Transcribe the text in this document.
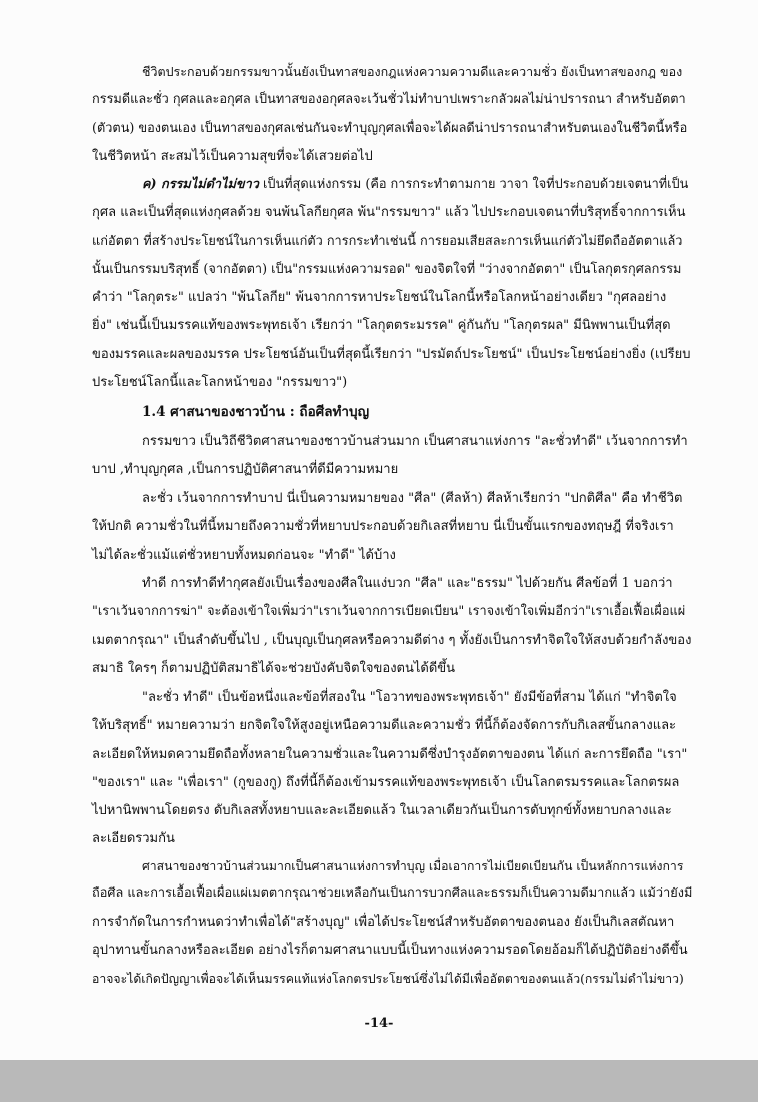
ชีวิตประกอบด้วยกรรมขาวนั้นยังเป็นทาสของกฎแห่งความความดีและความชั่ว ยังเป็นทาสของกฎ ของ
กรรมดีและชั่ว กุศลและอกุศล เป็นทาสของอกุศลจะเว้นชั่วไม่ทำบาปเพราะกลัวผลไม่น่าปรารถนา สำหรับอัตตา
(ตัวตน) ของตนเอง เป็นทาสของกุศลเช่นกันจะทำบุญกุศลเพื่อจะได้ผลดีน่าปรารถนาสำหรับตนเองในชีวิตนี้หรือ
ในชีวิตหน้า สะสมไว้เป็นความสุขที่จะได้เสวยต่อไป
ค) กรรมไม่ดำไม่ขาว เป็นที่สุดแห่งกรรม (คือ การกระทำตามกาย วาจา ใจที่ประกอบด้วยเจตนาที่เป็น
กุศล และเป็นที่สุดแห่งกุศลด้วย จนพ้นโลกียกุศล พ้น"กรรมขาว" แล้ว ไปประกอบเจตนาที่บริสุทธิ์จากการเห็น
แก่อัตตา ที่สร้างประโยชน์ในการเห็นแก่ตัว การกระทำเช่นนี้ การยอมเสียสละการเห็นแก่ตัวไม่ยึดถืออัตตาแล้ว
นั้นเป็นกรรมบริสุทธิ์ (จากอัตตา) เป็น"กรรมแห่งความรอด" ของจิตใจที่ "ว่างจากอัตตา" เป็นโลกุตรกุศลกรรม
คำว่า "โลกุตระ" แปลว่า "พ้นโลกีย" พ้นจากการหาประโยชน์ในโลกนี้หรือโลกหน้าอย่างเดียว "กุศลอย่าง
ยิ่ง" เช่นนี้เป็นมรรคแท้ของพระพุทธเจ้า เรียกว่า "โลกุตตระมรรค" คู่กันกับ "โลกุตรผล" มีนิพพานเป็นที่สุด
ของมรรคและผลของมรรค ประโยชน์อันเป็นที่สุดนี้เรียกว่า "ปรมัตถ์ประโยชน์" เป็นประโยชน์อย่างยิ่ง (เปรียบ
ประโยชน์โลกนี้และโลกหน้าของ "กรรมขาว")

1.4 ศาสนาของชาวบ้าน : ถือศีลทำบุญ

กรรมขาว เป็นวิถีชีวิตศาสนาของชาวบ้านส่วนมาก เป็นศาสนาแห่งการ "ละชั่วทำดี" เว้นจากการทำ
บาป ,ทำบุญกุศล ,เป็นการปฏิบัติศาสนาที่ดีมีความหมาย
ละชั่ว เว้นจากการทำบาป นี่เป็นความหมายของ "ศีล" (ศีลห้า) ศีลห้าเรียกว่า "ปกติศีล" คือ ทำชีวิต
ให้ปกติ ความชั่วในที่นี้หมายถึงความชั่วที่หยาบประกอบด้วยกิเลสที่หยาบ นี่เป็นขั้นแรกของทฤษฎี ที่จริงเรา
ไม่ได้ละชั่วแม้แต่ชั่วหยาบทั้งหมดก่อนจะ "ทำดี" ได้บ้าง
ทำดี การทำดีทำกุศลยังเป็นเรื่องของศีลในแง่บวก "ศีล" และ"ธรรม" ไปด้วยกัน ศีลข้อที่ 1 บอกว่า
"เราเว้นจากการฆ่า" จะต้องเข้าใจเพิ่มว่า"เราเว้นจากการเบียดเบียน" เราจงเข้าใจเพิ่มอีกว่า"เราเอื้อเฟื้อเผื่อแผ่
เมตตากรุณา" เป็นลำดับขึ้นไป , เป็นบุญเป็นกุศลหรือความดีต่าง ๆ ทั้งยังเป็นการทำจิตใจให้สงบด้วยกำลังของ
สมาธิ ใครๆ ก็ตามปฏิบัติสมาธิได้จะช่วยบังคับจิตใจของตนได้ดีขึ้น
"ละชั่ว ทำดี" เป็นข้อหนึ่งและข้อที่สองใน "โอวาทของพระพุทธเจ้า" ยังมีข้อที่สาม ได้แก่ "ทำจิตใจ
ให้บริสุทธิ์" หมายความว่า ยกจิตใจให้สูงอยู่เหนือความดีและความชั่ว ที่นี้ก็ต้องจัดการกับกิเลสขั้นกลางและ
ละเอียดให้หมดความยึดถือทั้งหลายในความชั่วและในความดีซึ่งบำรุงอัตตาของตน ได้แก่ ละการยึดถือ "เรา"
"ของเรา" และ "เพื่อเรา" (กูของกู) ถึงที่นี้ก็ต้องเข้ามรรคแท้ของพระพุทธเจ้า เป็นโลกตรมรรคและโลกตรผล
ไปหานิพพานโดยตรง ดับกิเลสทั้งหยาบและละเอียดแล้ว ในเวลาเดียวกันเป็นการดับทุกข์ทั้งหยาบกลางและ
ละเอียดรวมกัน
ศาสนาของชาวบ้านส่วนมากเป็นศาสนาแห่งการทำบุญ เมื่อเอาการไม่เบียดเบียนกัน เป็นหลักการแห่งการ
ถือศีล และการเอื้อเฟื้อเผื่อแผ่เมตตากรุณาช่วยเหลือกันเป็นการบวกศีลและธรรมก็เป็นความดีมากแล้ว แม้ว่ายังมี
การจำกัดในการกำหนดว่าทำเพื่อได้"สร้างบุญ" เพื่อได้ประโยชน์สำหรับอัตตาของตนอง ยังเป็นกิเลสตัณหา
อุปาทานขั้นกลางหรือละเอียด อย่างไรก็ตามศาสนาแบบนี้เป็นทางแห่งความรอดโดยอ้อมก็ได้ปฏิบัติอย่างดีขึ้น
อาจจะได้เกิดปัญญาเพื่อจะได้เห็นมรรคแท้แห่งโลกตรประโยชน์ซึ่งไม่ได้มีเพื่ออัตตาของตนแล้ว(กรรมไม่ดำไม่ขาว)

-14-
